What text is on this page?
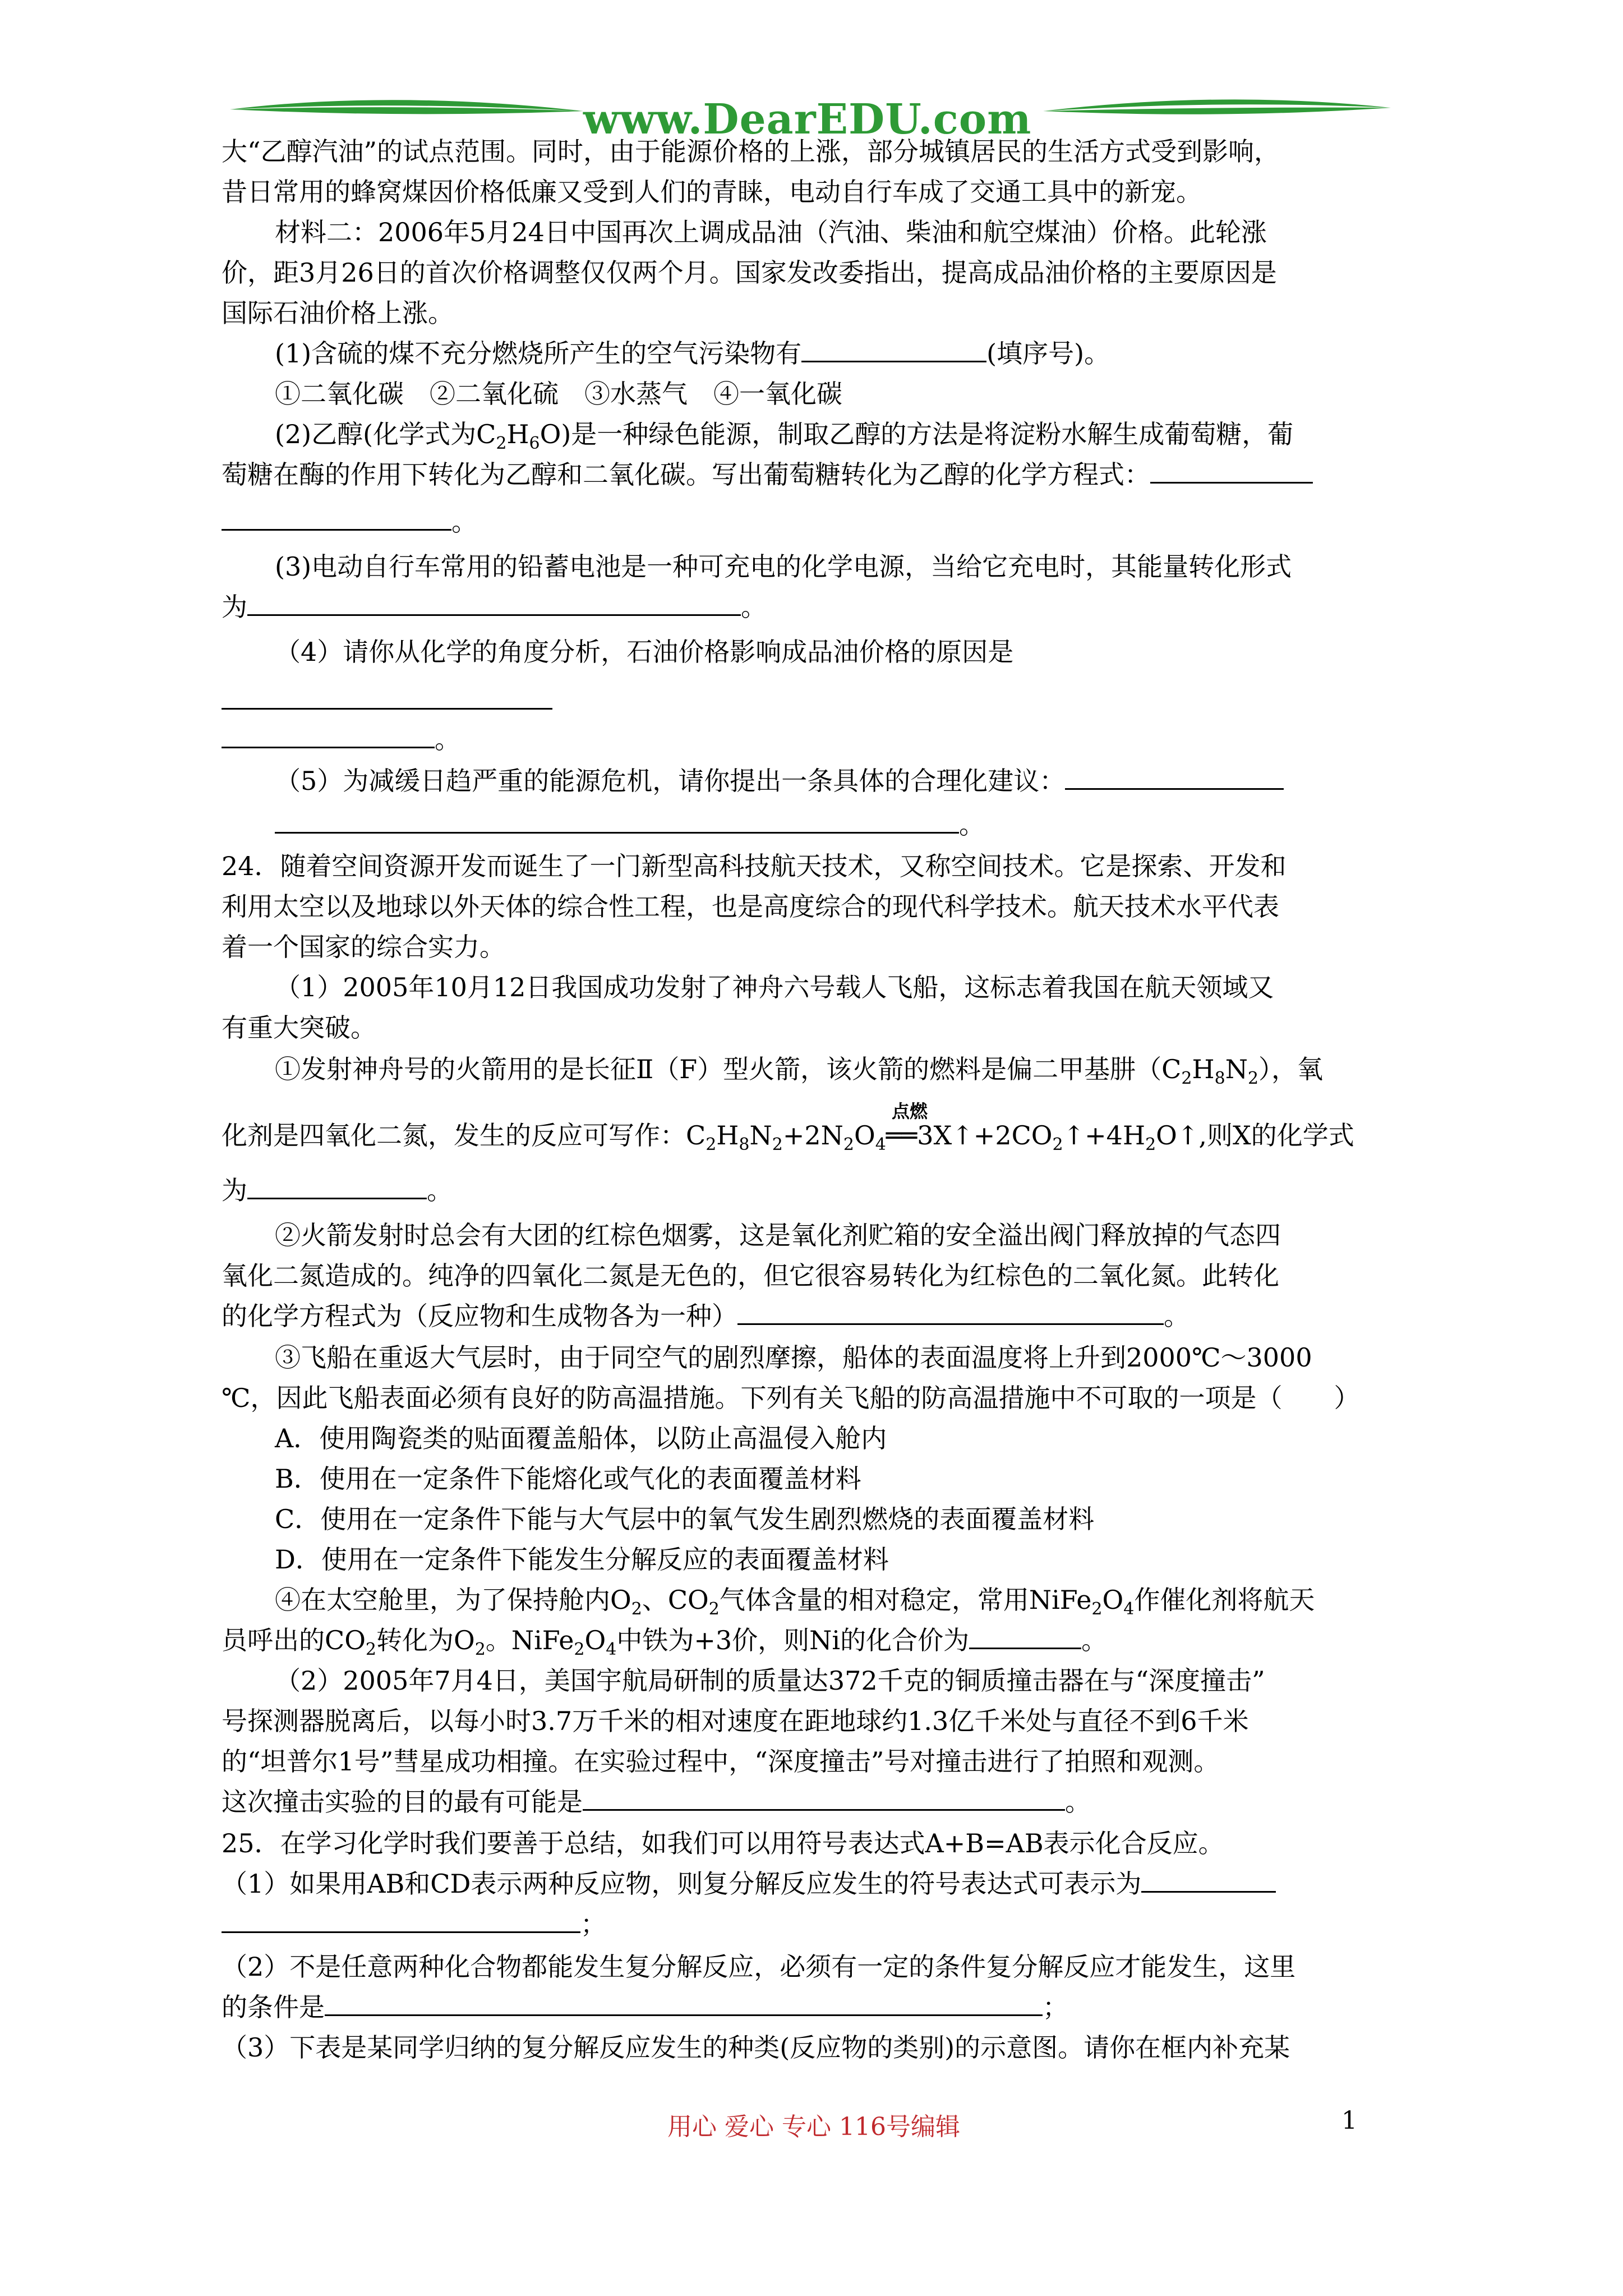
www.DearEDU.com
大“乙醇汽油”的试点范围。同时，由于能源价格的上涨，部分城镇居民的生活方式受到影响，
昔日常用的蜂窝煤因价格低廉又受到人们的青睐，电动自行车成了交通工具中的新宠。
材料二：2006年5月24日中国再次上调成品油（汽油、柴油和航空煤油）价格。此轮涨
价，距3月26日的首次价格调整仅仅两个月。国家发改委指出，提高成品油价格的主要原因是
国际石油价格上涨。
(1)含硫的煤不充分燃烧所产生的空气污染物有	(填序号)。
①二氧化碳　②二氧化硫　③水蒸气　④一氧化碳
(2)乙醇(化学式为$C_2H_6O$)是一种绿色能源，制取乙醇的方法是将淀粉水解生成葡萄糖，葡
萄糖在酶的作用下转化为乙醇和二氧化碳。写出葡萄糖转化为乙醇的化学方程式：
。
(3)电动自行车常用的铅蓄电池是一种可充电的化学电源，当给它充电时，其能量转化形式
为	。
（4）请你从化学的角度分析，石油价格影响成品油价格的原因是
。
（5）为减缓日趋严重的能源危机，请你提出一条具体的合理化建议：
。
24．随着空间资源开发而诞生了一门新型高科技航天技术，又称空间技术。它是探索、开发和
利用太空以及地球以外天体的综合性工程，也是高度综合的现代科学技术。航天技术水平代表
着一个国家的综合实力。
（1）2005年10月12日我国成功发射了神舟六号载人飞船，这标志着我国在航天领域又
有重大突破。
①发射神舟号的火箭用的是长征Ⅱ（F）型火箭，该火箭的燃料是偏二甲基肼$(C_2H_8N_2)$，氧
点燃
化剂是四氧化二氮，发生的反应可写作：$C_2H_8N_2+2N_2O_4══3X↑+2CO_2↑+4H_2O↑$,则X的化学式
为	。
②火箭发射时总会有大团的红棕色烟雾，这是氧化剂贮箱的安全溢出阀门释放掉的气态四
氧化二氮造成的。纯净的四氧化二氮是无色的，但它很容易转化为红棕色的二氧化氮。此转化
的化学方程式为（反应物和生成物各为一种）	。
③飞船在重返大气层时，由于同空气的剧烈摩擦，船体的表面温度将上升到2000℃～3000
℃，因此飞船表面必须有良好的防高温措施。下列有关飞船的防高温措施中不可取的一项是（　　）
A．使用陶瓷类的贴面覆盖船体，以防止高温侵入舱内
B．使用在一定条件下能熔化或气化的表面覆盖材料
C．使用在一定条件下能与大气层中的氧气发生剧烈燃烧的表面覆盖材料
D．使用在一定条件下能发生分解反应的表面覆盖材料
④在太空舱里，为了保持舱内$O_2$、$CO_2$气体含量的相对稳定，常用$NiFe_2O_4$作催化剂将航天
员呼出的$CO_2$转化为$O_2$。$NiFe_2O_4$中铁为+3价，则Ni的化合价为	。
（2）2005年7月4日，美国宇航局研制的质量达372千克的铜质撞击器在与“深度撞击”
号探测器脱离后，以每小时3.7万千米的相对速度在距地球约1.3亿千米处与直径不到6千米
的“坦普尔1号”彗星成功相撞。在实验过程中，“深度撞击”号对撞击进行了拍照和观测。
这次撞击实验的目的最有可能是	。
25．在学习化学时我们要善于总结，如我们可以用符号表达式A+B=AB表示化合反应。
（1）如果用AB和CD表示两种反应物，则复分解反应发生的符号表达式可表示为
；
（2）不是任意两种化合物都能发生复分解反应，必须有一定的条件复分解反应才能发生，这里
的条件是	；
（3）下表是某同学归纳的复分解反应发生的种类(反应物的类别)的示意图。请你在框内补充某
用心 爱心 专心 116号编辑	1
